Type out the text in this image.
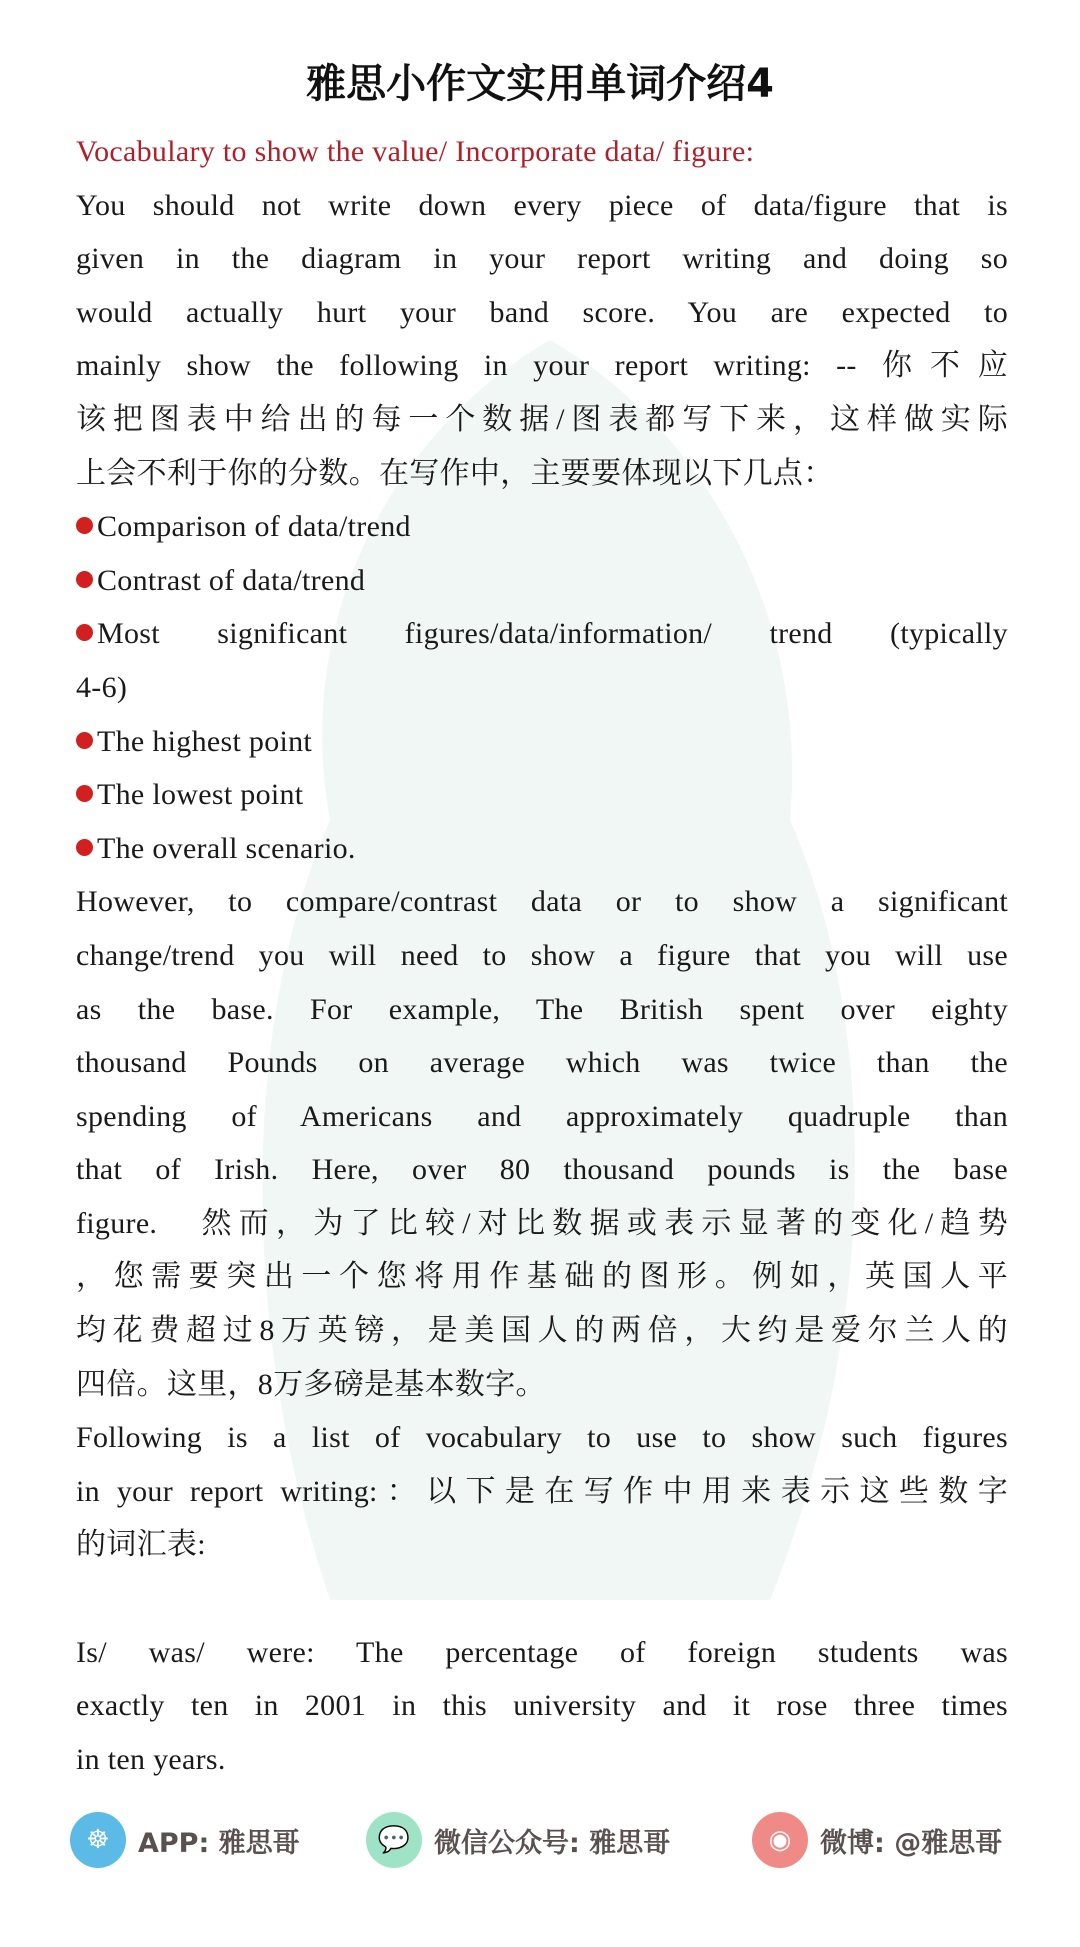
雅思小作文实用单词介绍4
Vocabulary to show the value/ Incorporate data/ figure:
You should not write down every piece of data/figure that is
given in the diagram in your report writing and doing so
would actually hurt your band score. You are expected to
mainly show the following in your report writing: -- 你不应
该把图表中给出的每一个数据/图表都写下来，这样做实际
上会不利于你的分数。在写作中，主要要体现以下几点：
Comparison of data/trend
Contrast of data/trend
Most significant figures/data/information/ trend (typically
4-6)
The highest point
The lowest point
The overall scenario.
However, to compare/contrast data or to show a significant
change/trend you will need to show a figure that you will use
as the base. For example, The British spent over eighty
thousand Pounds on average which was twice than the
spending of Americans and approximately quadruple than
that of Irish. Here, over 80 thousand pounds is the base
figure.　然而，为了比较/对比数据或表示显著的变化/趋势
，您需要突出一个您将用作基础的图形。例如，英国人平
均花费超过8万英镑，是美国人的两倍，大约是爱尔兰人的
四倍。这里，8万多磅是基本数字。
Following is a list of vocabulary to use to show such figures
in your report writing:：以下是在写作中用来表示这些数字
的词汇表:
Is/ was/ were: The percentage of foreign students was
exactly ten in 2001 in this university and it rose three times
in ten years.
☸	APP: 雅思哥	💬 微信公众号: 雅思哥	◉	微博: @雅思哥
